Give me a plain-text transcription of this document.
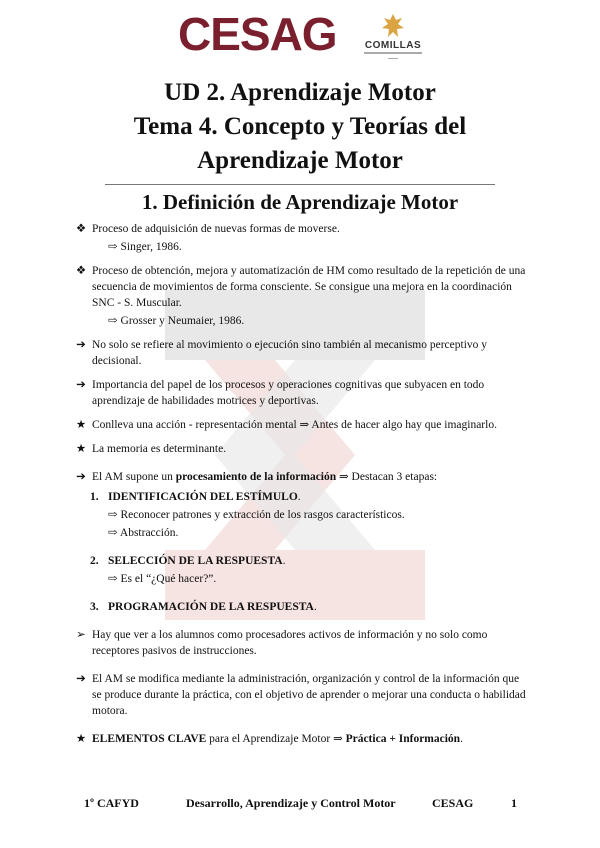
CESAG	COMILLAS
UD 2. Aprendizaje Motor
Tema 4. Concepto y Teorías del
Aprendizaje Motor
1. Definición de Aprendizaje Motor
❖ Proceso de adquisición de nuevas formas de moverse.
⇨ Singer, 1986.
❖ Proceso de obtención, mejora y automatización de HM como resultado de la repetición de una secuencia de movimientos de forma consciente. Se consigue una mejora en la coordinación SNC - S. Muscular.
⇨ Grosser y Neumaier, 1986.
➔ No solo se refiere al movimiento o ejecución sino también al mecanismo perceptivo y decisional.
➔ Importancia del papel de los procesos y operaciones cognitivas que subyacen en todo aprendizaje de habilidades motrices y deportivas.
★ Conlleva una acción - representación mental ⇒ Antes de hacer algo hay que imaginarlo.
★ La memoria es determinante.
➔ El AM supone un procesamiento de la información ⇒ Destacan 3 etapas:
1. IDENTIFICACIÓN DEL ESTÍMULO.
⇨ Reconocer patrones y extracción de los rasgos característicos.
⇨ Abstracción.
2. SELECCIÓN DE LA RESPUESTA.
⇨ Es el “¿Qué hacer?”.
3. PROGRAMACIÓN DE LA RESPUESTA.
➢ Hay que ver a los alumnos como procesadores activos de información y no solo como receptores pasivos de instrucciones.
➔ El AM se modifica mediante la administración, organización y control de la información que se produce durante la práctica, con el objetivo de aprender o mejorar una conducta o habilidad motora.
★ ELEMENTOS CLAVE para el Aprendizaje Motor ⇒ Práctica + Información.
1º CAFYD	Desarrollo, Aprendizaje y Control Motor	CESAG	1
